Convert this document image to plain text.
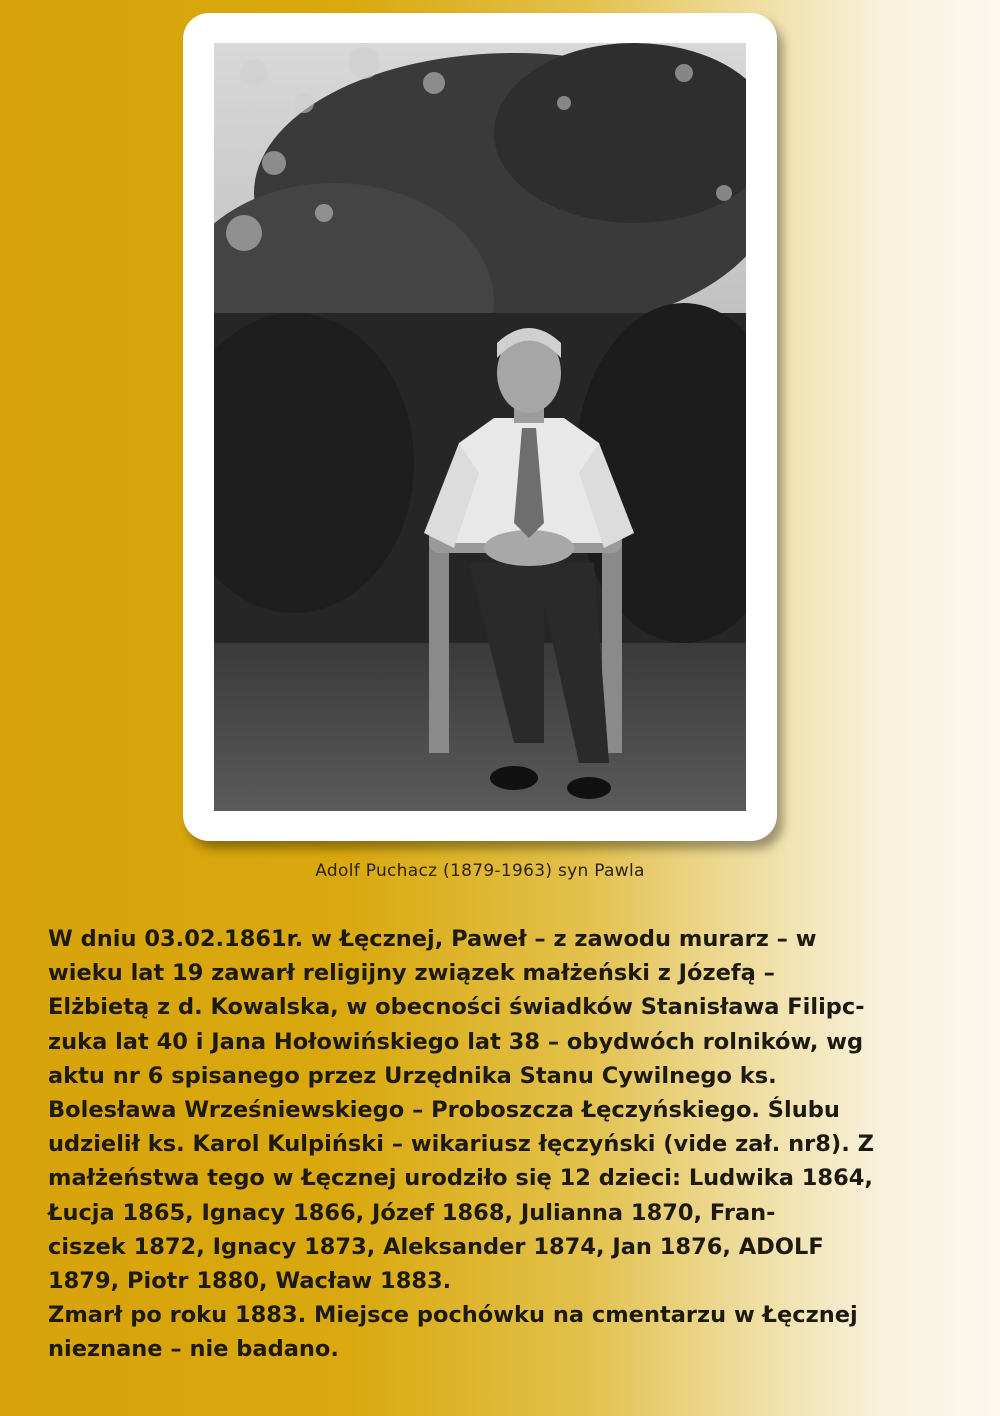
Adolf Puchacz (1879-1963) syn Pawla
W dniu 03.02.1861r. w Łęcznej, Paweł – z zawodu murarz – w
wieku lat 19 zawarł religijny związek małżeński z Józefą –
Elżbietą z d. Kowalska, w obecności świadków Stanisława Filipc-
zuka lat 40 i Jana Hołowińskiego lat 38 – obydwóch rolników, wg
aktu nr 6 spisanego przez Urzędnika Stanu Cywilnego ks.
Bolesława Wrześniewskiego – Proboszcza Łęczyńskiego. Ślubu
udzielił ks. Karol Kulpiński – wikariusz łęczyński (vide zał. nr8). Z
małżeństwa tego w Łęcznej urodziło się 12 dzieci: Ludwika 1864,
Łucja 1865, Ignacy 1866, Józef 1868, Julianna 1870, Fran-
ciszek 1872, Ignacy 1873, Aleksander 1874, Jan 1876, ADOLF
1879, Piotr 1880, Wacław 1883.
Zmarł po roku 1883. Miejsce pochówku na cmentarzu w Łęcznej
nieznane – nie badano.
